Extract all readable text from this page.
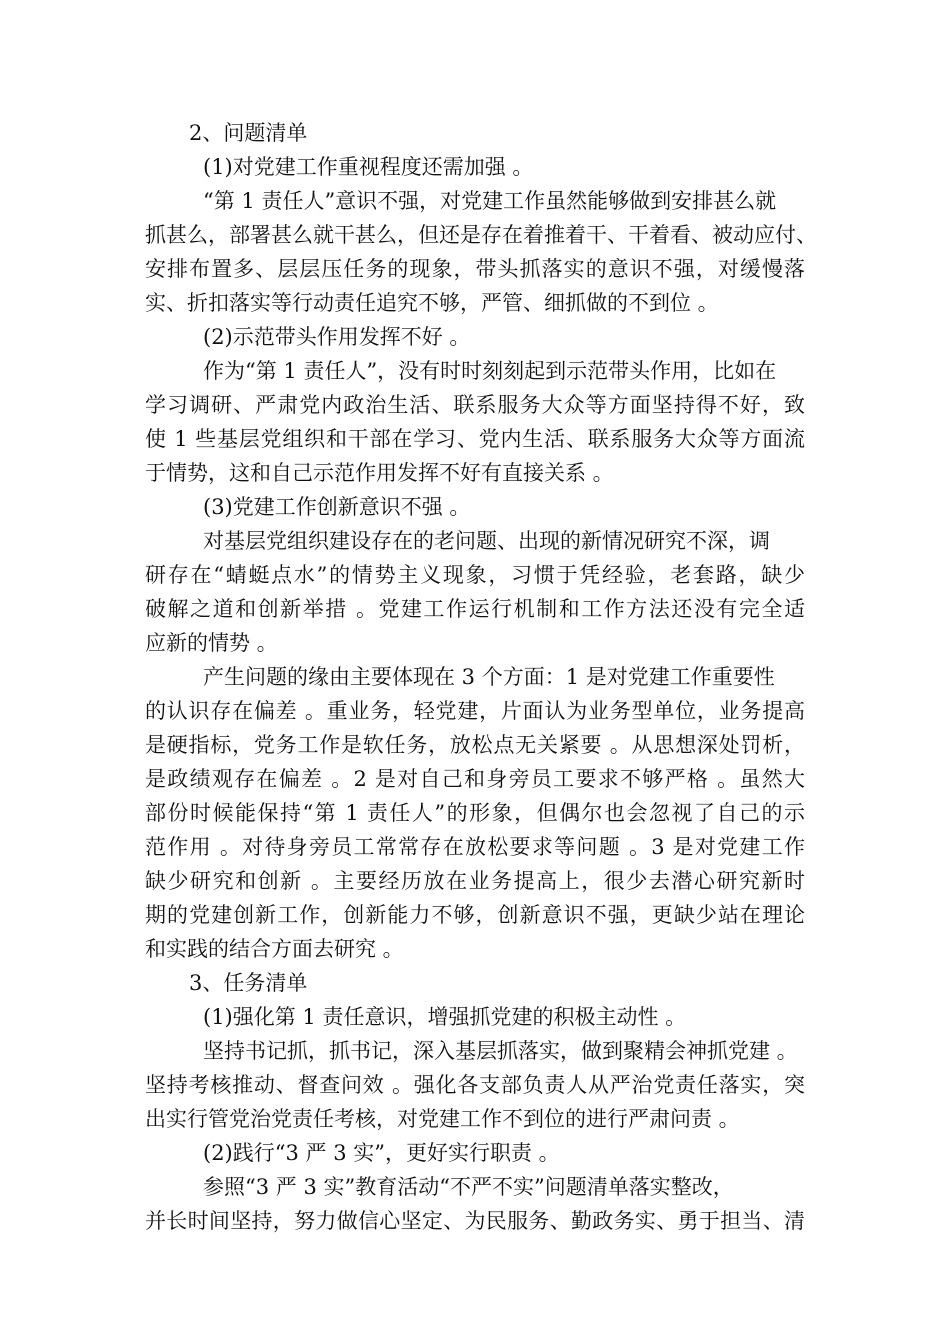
2、问题清单
(1)对党建工作重视程度还需加强 。
“第 1 责任人”意识不强，对党建工作虽然能够做到安排甚么就
抓甚么，部署甚么就干甚么，但还是存在着推着干、干着看、被动应付、
安排布置多、层层压任务的现象，带头抓落实的意识不强，对缓慢落
实、折扣落实等行动责任追究不够，严管、细抓做的不到位 。
(2)示范带头作用发挥不好 。
作为“第 1 责任人”，没有时时刻刻起到示范带头作用，比如在
学习调研、严肃党内政治生活、联系服务大众等方面坚持得不好，致
使 1 些基层党组织和干部在学习、党内生活、联系服务大众等方面流
于情势，这和自己示范作用发挥不好有直接关系 。
(3)党建工作创新意识不强 。
对基层党组织建设存在的老问题、出现的新情况研究不深，调
研存在“蜻蜓点水”的情势主义现象，习惯于凭经验，老套路，缺少
破解之道和创新举措 。党建工作运行机制和工作方法还没有完全适
应新的情势 。
产生问题的缘由主要体现在 3 个方面：1 是对党建工作重要性
的认识存在偏差 。重业务，轻党建，片面认为业务型单位，业务提高
是硬指标，党务工作是软任务，放松点无关紧要 。从思想深处罚析，
是政绩观存在偏差 。2 是对自己和身旁员工要求不够严格 。虽然大
部份时候能保持“第 1 责任人”的形象，但偶尔也会忽视了自己的示
范作用 。对待身旁员工常常存在放松要求等问题 。3 是对党建工作
缺少研究和创新 。主要经历放在业务提高上，很少去潜心研究新时
期的党建创新工作，创新能力不够，创新意识不强，更缺少站在理论
和实践的结合方面去研究 。
3、任务清单
(1)强化第 1 责任意识，增强抓党建的积极主动性 。
坚持书记抓，抓书记，深入基层抓落实，做到聚精会神抓党建 。
坚持考核推动、督查问效 。强化各支部负责人从严治党责任落实，突
出实行管党治党责任考核，对党建工作不到位的进行严肃问责 。
(2)践行“3 严 3 实”，更好实行职责 。
参照“3 严 3 实”教育活动“不严不实”问题清单落实整改，
并长时间坚持，努力做信心坚定、为民服务、勤政务实、勇于担当、清
